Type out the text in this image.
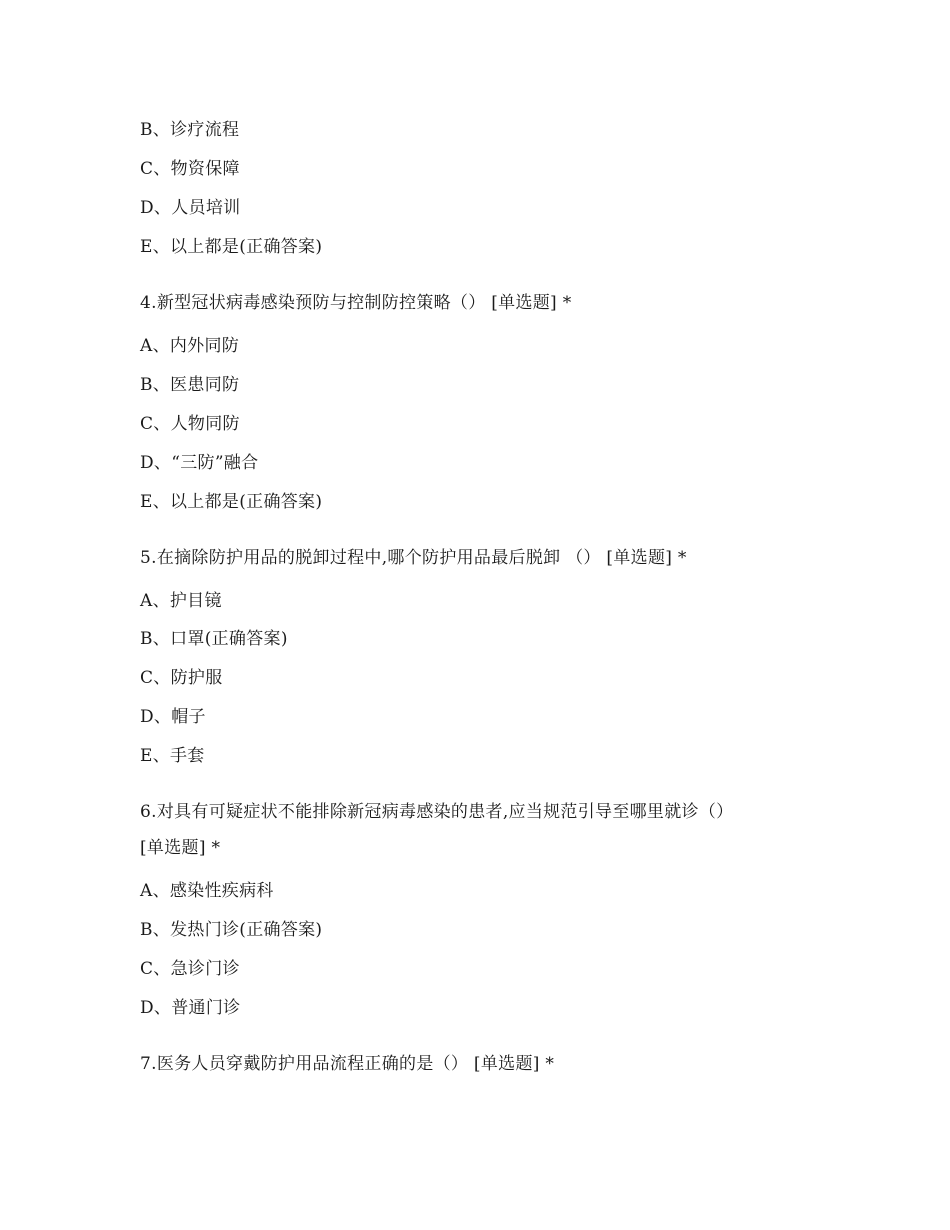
B、诊疗流程
C、物资保障
D、人员培训
E、以上都是(正确答案)
4.新型冠状病毒感染预防与控制防控策略（） [单选题] *
A、内外同防
B、医患同防
C、人物同防
D、“三防”融合
E、以上都是(正确答案)
5.在摘除防护用品的脱卸过程中,哪个防护用品最后脱卸 （） [单选题] *
A、护目镜
B、口罩(正确答案)
C、防护服
D、帽子
E、手套
6.对具有可疑症状不能排除新冠病毒感染的患者,应当规范引导至哪里就诊（）
[单选题] *
A、感染性疾病科
B、发热门诊(正确答案)
C、急诊门诊
D、普通门诊
7.医务人员穿戴防护用品流程正确的是（） [单选题] *
